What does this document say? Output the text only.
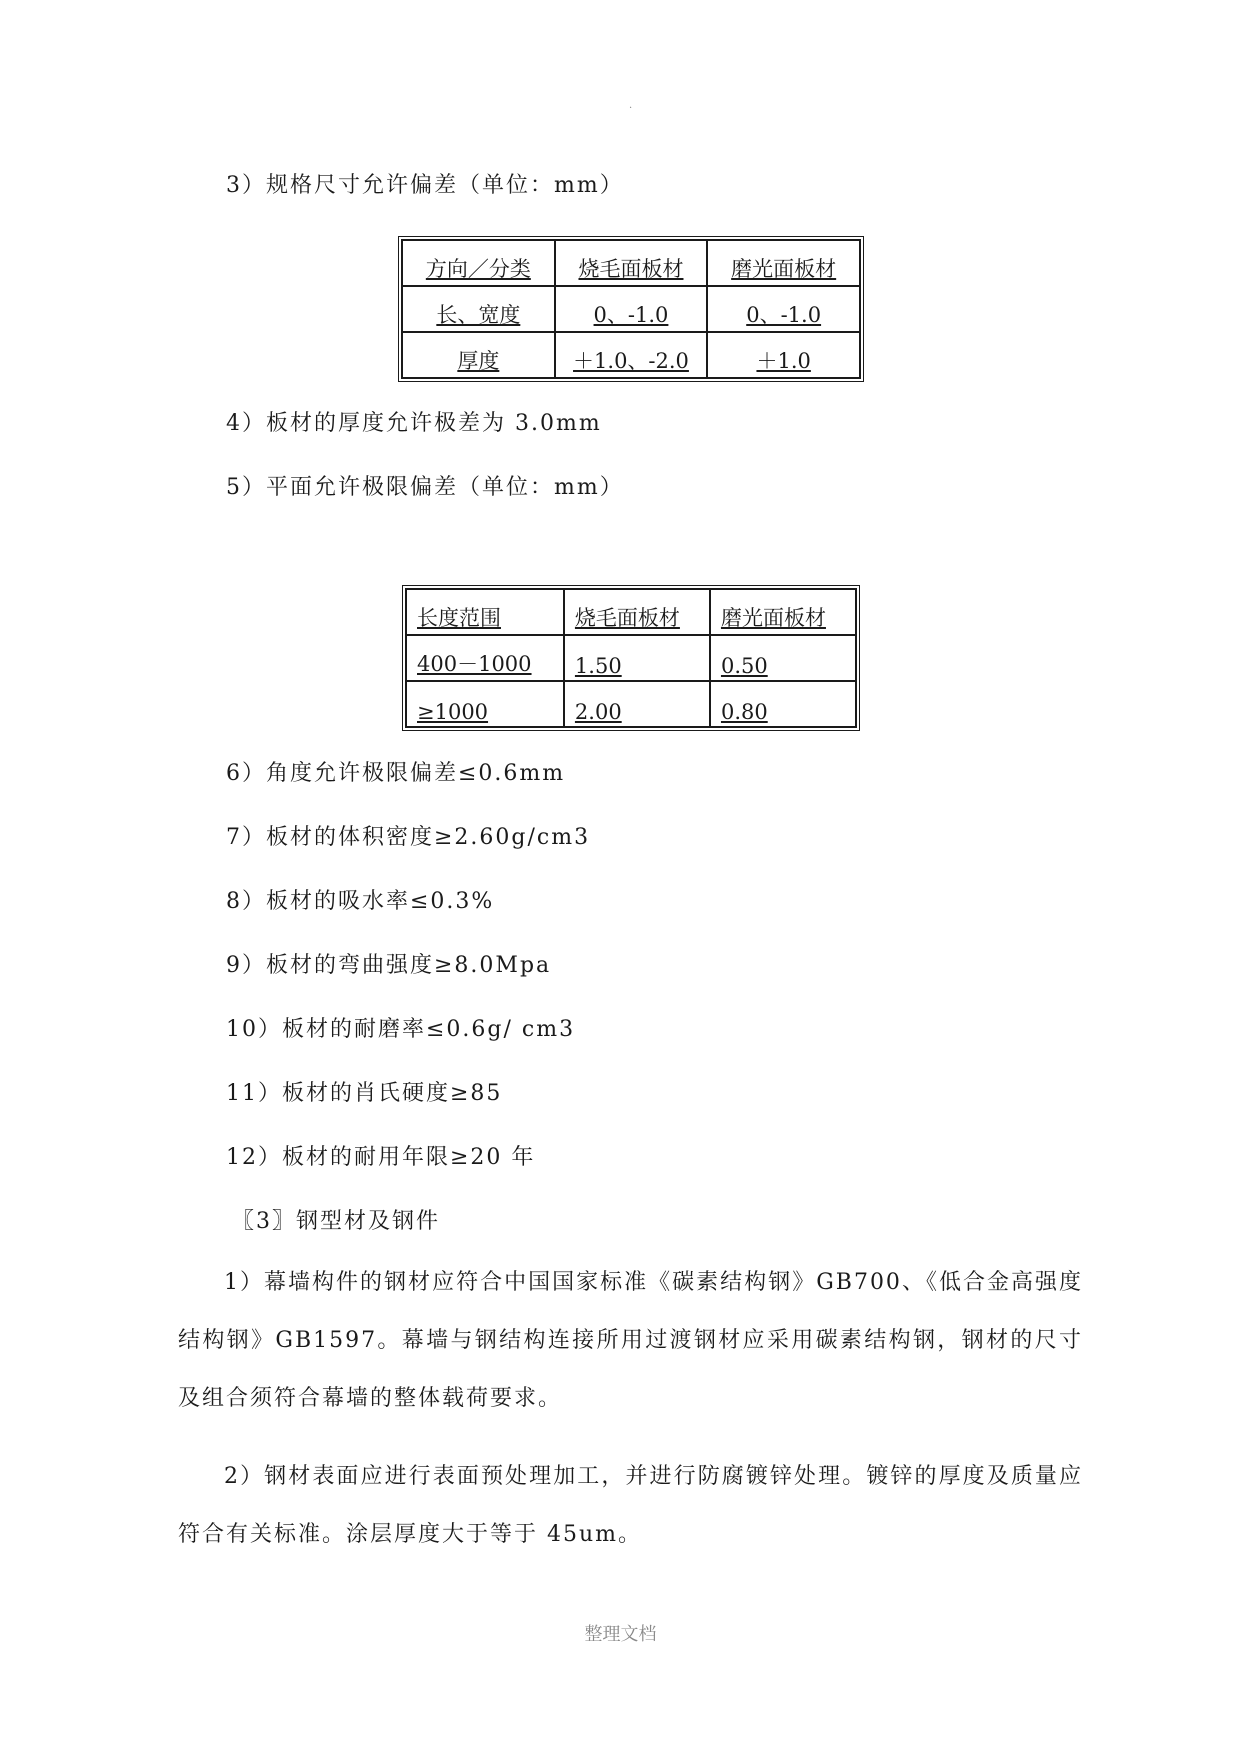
.
3）规格尺寸允许偏差（单位：mm）
方向／分类	烧毛面板材	磨光面板材

长、宽度	0、-1.0	0、-1.0

厚度	＋1.0、-2.0	＋1.0
4）板材的厚度允许极差为 3.0mm
5）平面允许极限偏差（单位：mm）
长度范围	烧毛面板材	磨光面板材

400－1000	1.50	0.50

≥1000	2.00	0.80
6）角度允许极限偏差≤0.6mm
7）板材的体积密度≥2.60g/cm3
8）板材的吸水率≤0.3%
9）板材的弯曲强度≥8.0Mpa
10）板材的耐磨率≤0.6g/ cm3
11）板材的肖氏硬度≥85
12）板材的耐用年限≥20 年
〖3〗钢型材及钢件
1）幕墙构件的钢材应符合中国国家标准《碳素结构钢》GB700、《低合金高强度结构钢》GB1597。幕墙与钢结构连接所用过渡钢材应采用碳素结构钢，钢材的尺寸及组合须符合幕墙的整体载荷要求。
2）钢材表面应进行表面预处理加工，并进行防腐镀锌处理。镀锌的厚度及质量应符合有关标准。涂层厚度大于等于 45um。
整理文档
